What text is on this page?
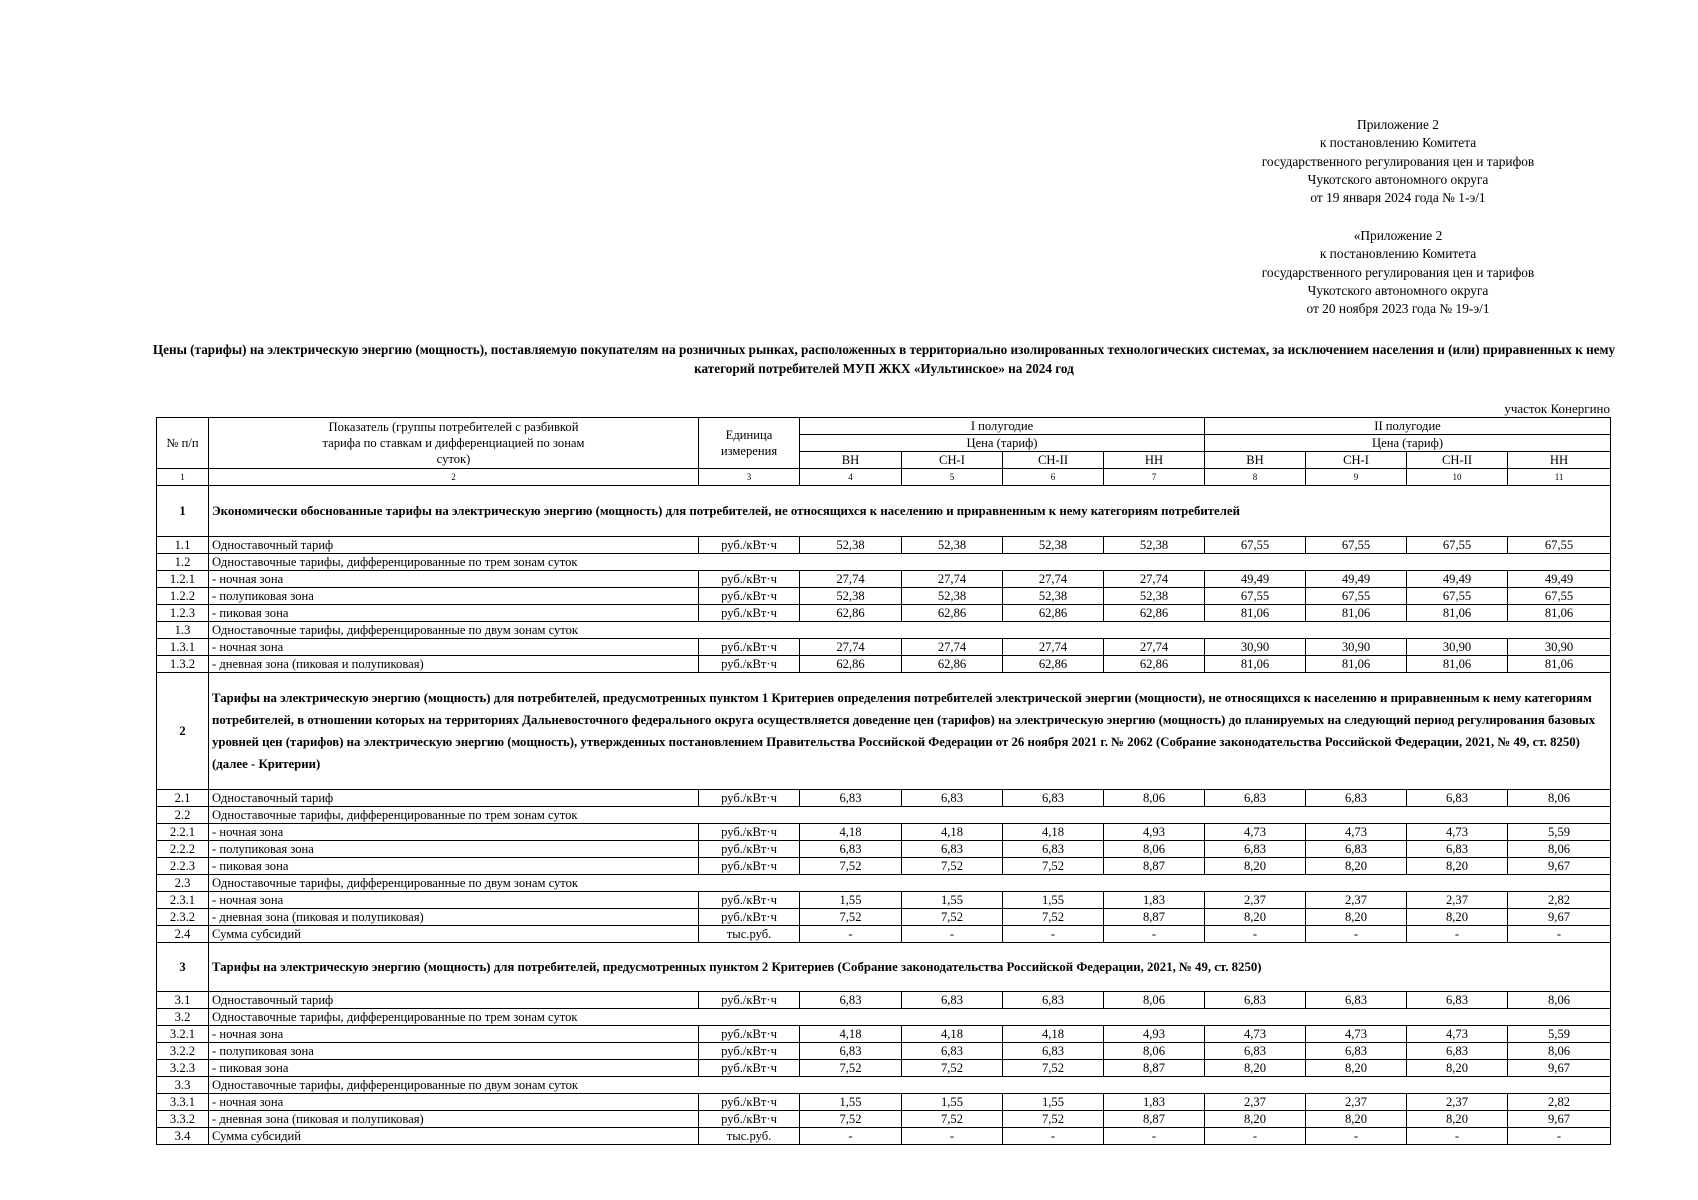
Приложение 2
к постановлению Комитета
государственного регулирования цен и тарифов
Чукотского автономного округа
от 19 января 2024 года № 1-э/1
«Приложение 2
к постановлению Комитета
государственного регулирования цен и тарифов
Чукотского автономного округа
от 20 ноября 2023 года № 19-э/1
Цены (тарифы) на электрическую энергию (мощность), поставляемую покупателям на розничных рынках, расположенных в территориально изолированных технологических системах, за исключением населения и (или) приравненных к нему категорий потребителей МУП ЖКХ «Иультинское» на 2024 год
участок Конергино
№ п/п	Показатель (группы потребителей с разбивкой тарифа по ставкам и дифференциацией по зонам суток)	Единица измерения	I полугодие				II полугодие			
			Цена (тариф)				Цена (тариф)			
			ВН	СН-I	СН-II	НН	ВН	СН-I	СН-II	НН
1	2	3	4	5	6	7	8	9	10	11
1	Экономически обоснованные тарифы на электрическую энергию (мощность) для потребителей, не относящихся к населению и приравненным к нему категориям потребителей									
1.1	Одноставочный тариф	руб./кВт·ч	52,38	52,38	52,38	52,38	67,55	67,55	67,55	67,55
1.2	Одноставочные тарифы, дифференцированные по трем зонам суток									
1.2.1	- ночная зона	руб./кВт·ч	27,74	27,74	27,74	27,74	49,49	49,49	49,49	49,49
1.2.2	- полупиковая зона	руб./кВт·ч	52,38	52,38	52,38	52,38	67,55	67,55	67,55	67,55
1.2.3	- пиковая зона	руб./кВт·ч	62,86	62,86	62,86	62,86	81,06	81,06	81,06	81,06
1.3	Одноставочные тарифы, дифференцированные по двум зонам суток									
1.3.1	- ночная зона	руб./кВт·ч	27,74	27,74	27,74	27,74	30,90	30,90	30,90	30,90
1.3.2	- дневная зона (пиковая и полупиковая)	руб./кВт·ч	62,86	62,86	62,86	62,86	81,06	81,06	81,06	81,06
2	Тарифы на электрическую энергию (мощность) для потребителей, предусмотренных пунктом 1 Критериев определения потребителей электрической энергии (мощности), не относящихся к населению и приравненным к нему категориям потребителей, в отношении которых на территориях Дальневосточного федерального округа осуществляется доведение цен (тарифов) на электрическую энергию (мощность) до планируемых на следующий период регулирования базовых уровней цен (тарифов) на электрическую энергию (мощность), утвержденных постановлением Правительства Российской Федерации от 26 ноября 2021 г. № 2062 (Собрание законодательства Российской Федерации, 2021, № 49, ст. 8250) (далее - Критерии)									
2.1	Одноставочный тариф	руб./кВт·ч	6,83	6,83	6,83	8,06	6,83	6,83	6,83	8,06
2.2	Одноставочные тарифы, дифференцированные по трем зонам суток									
2.2.1	- ночная зона	руб./кВт·ч	4,18	4,18	4,18	4,93	4,73	4,73	4,73	5,59
2.2.2	- полупиковая зона	руб./кВт·ч	6,83	6,83	6,83	8,06	6,83	6,83	6,83	8,06
2.2.3	- пиковая зона	руб./кВт·ч	7,52	7,52	7,52	8,87	8,20	8,20	8,20	9,67
2.3	Одноставочные тарифы, дифференцированные по двум зонам суток									
2.3.1	- ночная зона	руб./кВт·ч	1,55	1,55	1,55	1,83	2,37	2,37	2,37	2,82
2.3.2	- дневная зона (пиковая и полупиковая)	руб./кВт·ч	7,52	7,52	7,52	8,87	8,20	8,20	8,20	9,67
2.4	Сумма субсидий	тыс.руб.	-	-	-	-	-	-	-	-
3	Тарифы на электрическую энергию (мощность) для потребителей, предусмотренных пунктом 2 Критериев (Собрание законодательства Российской Федерации, 2021, № 49, ст. 8250)									
3.1	Одноставочный тариф	руб./кВт·ч	6,83	6,83	6,83	8,06	6,83	6,83	6,83	8,06
3.2	Одноставочные тарифы, дифференцированные по трем зонам суток									
3.2.1	- ночная зона	руб./кВт·ч	4,18	4,18	4,18	4,93	4,73	4,73	4,73	5,59
3.2.2	- полупиковая зона	руб./кВт·ч	6,83	6,83	6,83	8,06	6,83	6,83	6,83	8,06
3.2.3	- пиковая зона	руб./кВт·ч	7,52	7,52	7,52	8,87	8,20	8,20	8,20	9,67
3.3	Одноставочные тарифы, дифференцированные по двум зонам суток									
3.3.1	- ночная зона	руб./кВт·ч	1,55	1,55	1,55	1,83	2,37	2,37	2,37	2,82
3.3.2	- дневная зона (пиковая и полупиковая)	руб./кВт·ч	7,52	7,52	7,52	8,87	8,20	8,20	8,20	9,67
3.4	Сумма субсидий	тыс.руб.	-	-	-	-	-	-	-	-
